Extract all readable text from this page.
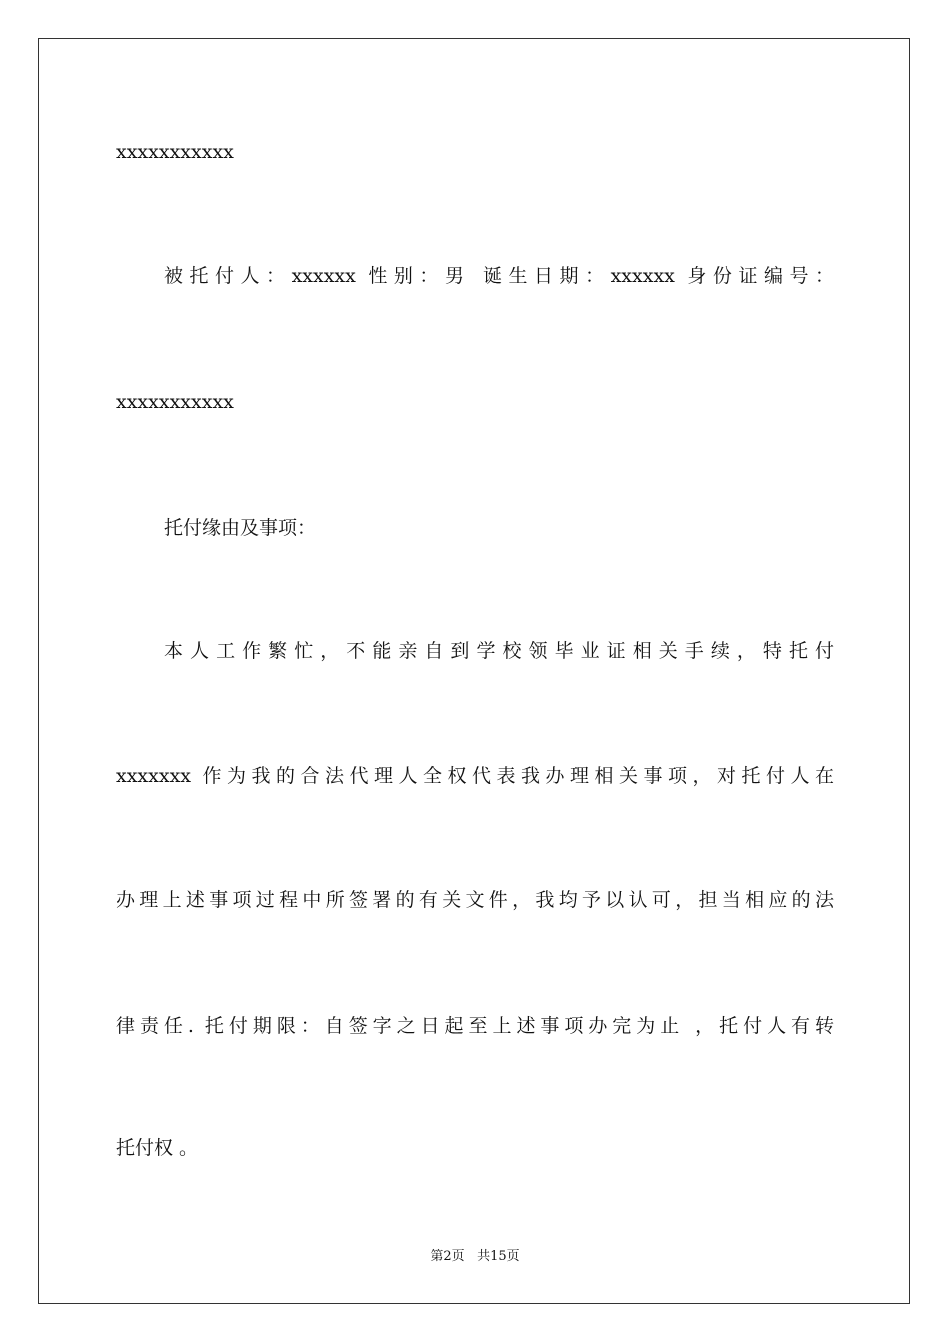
xxxxxxxxxxx
被托付人：xxxxxx 性别：男 诞生日期：xxxxxx 身份证编号：
xxxxxxxxxxx
托付缘由及事项：
本人工作繁忙，不能亲自到学校领毕业证相关手续，特托付
xxxxxxx 作为我的合法代理人全权代表我办理相关事项，对托付人在
办理上述事项过程中所签署的有关文件，我均予以认可，担当相应的法
律责任. 托付期限：自签字之日起至上述事项办完为止 ，托付人有转
托付权 。
第2页 共15页
